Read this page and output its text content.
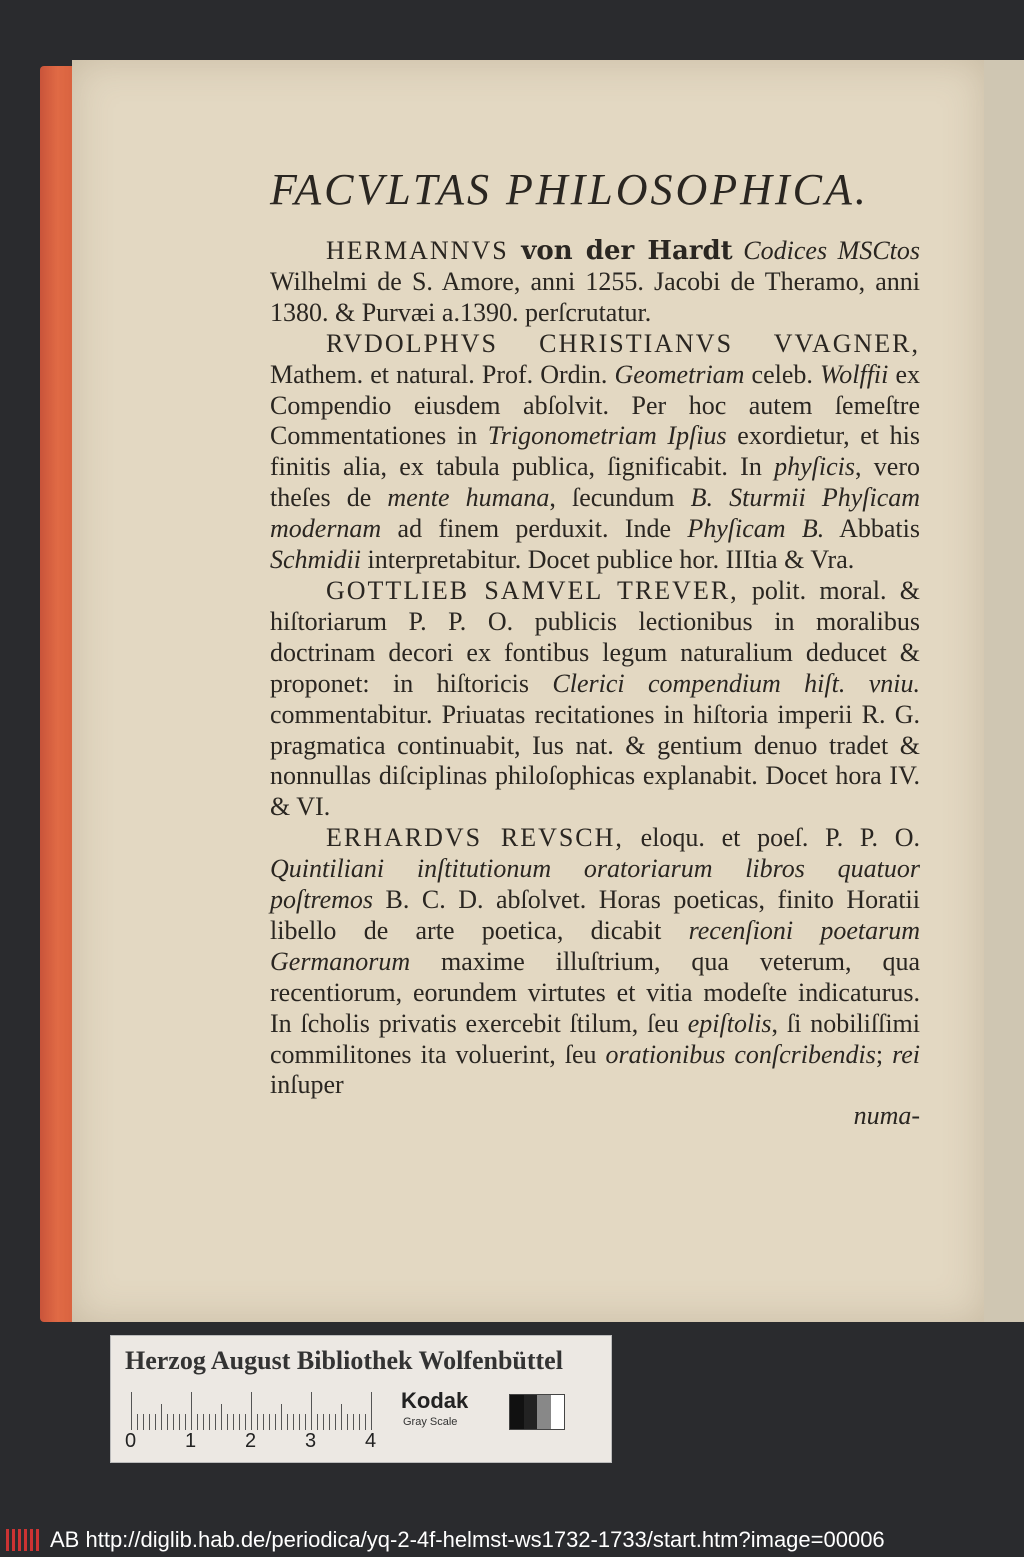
FACVLTAS PHILOSOPHICA.

HERMANNVS von der Hardt Codices MSCtos Wilhelmi de S. Amore, anni 1255. Jacobi de Theramo, anni 1380. & Purvæi a.1390. perſcrutatur.

RVDOLPHVS CHRISTIANVS VVAGNER, Mathem. et natural. Prof. Ordin. Geometriam celeb. Wolffii ex Compendio eiusdem abſolvit. Per hoc autem ſemeſtre Commentationes in Trigonometriam Ipſius exordietur, et his finitis alia, ex tabula publica, ſignificabit. In phyſicis, vero theſes de mente humana, ſecundum B. Sturmii Phyſicam modernam ad finem perduxit. Inde Phyſicam B. Abbatis Schmidii interpretabitur. Docet publice hor. IIItia & Vra.

GOTTLIEB SAMVEL TREVER, polit. moral. & hiſtoriarum P. P. O. publicis lectionibus in moralibus doctrinam decori ex fontibus legum naturalium deducet & proponet: in hiſtoricis Clerici compendium hiſt. vniu. commentabitur. Priuatas recitationes in hiſtoria imperii R. G. pragmatica continuabit, Ius nat. & gentium denuo tradet & nonnullas diſciplinas philoſophicas explanabit. Docet hora IV. & VI.

ERHARDVS REVSCH, eloqu. et poeſ. P. P. O. Quintiliani inſtitutionum oratoriarum libros quatuor poſtremos B. C. D. abſolvet. Horas poeticas, finito Horatii libello de arte poetica, dicabit recenſioni poetarum Germanorum maxime illuſtrium, qua veterum, qua recentiorum, eorundem virtutes et vitia modeſte indicaturus. In ſcholis privatis exercebit ſtilum, ſeu epiſtolis, ſi nobiliſſimi commilitones ita voluerint, ſeu orationibus conſcribendis; rei inſuper

numa-
Herzog August Bibliothek Wolfenbüttel
0 1 2 3 4
Kodak
Gray Scale
AB http://diglib.hab.de/periodica/yq-2-4f-helmst-ws1732-1733/start.htm?image=00006
